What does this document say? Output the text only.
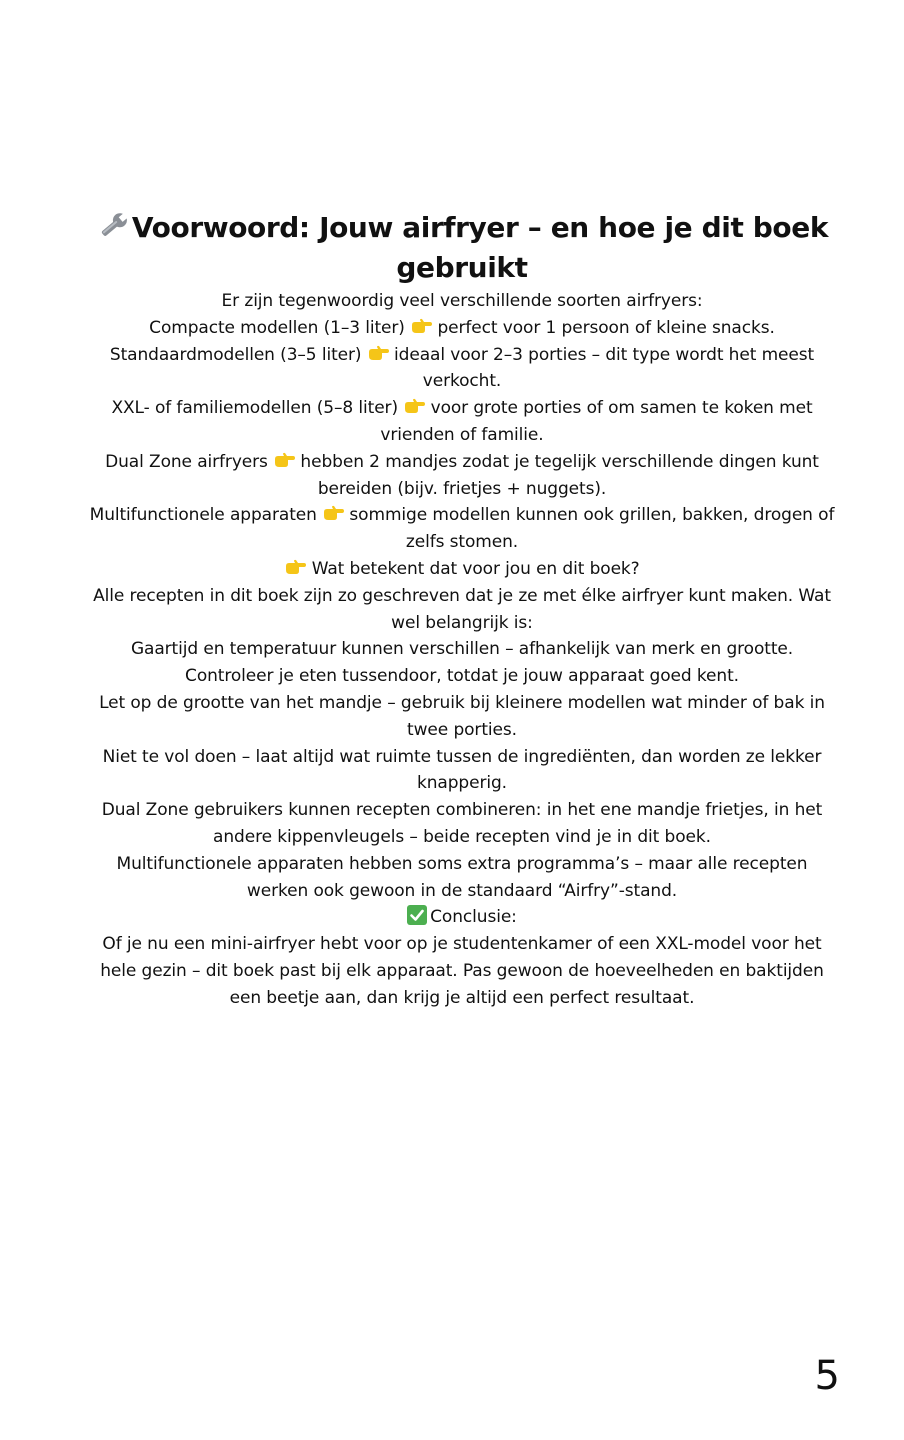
Voorwoord: Jouw airfryer – en hoe je dit boek gebruikt

Er zijn tegenwoordig veel verschillende soorten airfryers:

Compacte modellen (1–3 liter) perfect voor 1 persoon of kleine snacks.

Standaardmodellen (3–5 liter) ideaal voor 2–3 porties – dit type wordt het meest verkocht.

XXL- of familiemodellen (5–8 liter) voor grote porties of om samen te koken met vrienden of familie.

Dual Zone airfryers hebben 2 mandjes zodat je tegelijk verschillende dingen kunt bereiden (bijv. frietjes + nuggets).

Multifunctionele apparaten sommige modellen kunnen ook grillen, bakken, drogen of zelfs stomen.

Wat betekent dat voor jou en dit boek?

Alle recepten in dit boek zijn zo geschreven dat je ze met élke airfryer kunt maken. Wat wel belangrijk is:

Gaartijd en temperatuur kunnen verschillen – afhankelijk van merk en grootte. Controleer je eten tussendoor, totdat je jouw apparaat goed kent.

Let op de grootte van het mandje – gebruik bij kleinere modellen wat minder of bak in twee porties.

Niet te vol doen – laat altijd wat ruimte tussen de ingrediënten, dan worden ze lekker knapperig.

Dual Zone gebruikers kunnen recepten combineren: in het ene mandje frietjes, in het andere kippenvleugels – beide recepten vind je in dit boek.

Multifunctionele apparaten hebben soms extra programma’s – maar alle recepten werken ook gewoon in de standaard “Airfry”-stand.

Conclusie:

Of je nu een mini-airfryer hebt voor op je studentenkamer of een XXL-model voor het hele gezin – dit boek past bij elk apparaat. Pas gewoon de hoeveelheden en baktijden een beetje aan, dan krijg je altijd een perfect resultaat.

5
